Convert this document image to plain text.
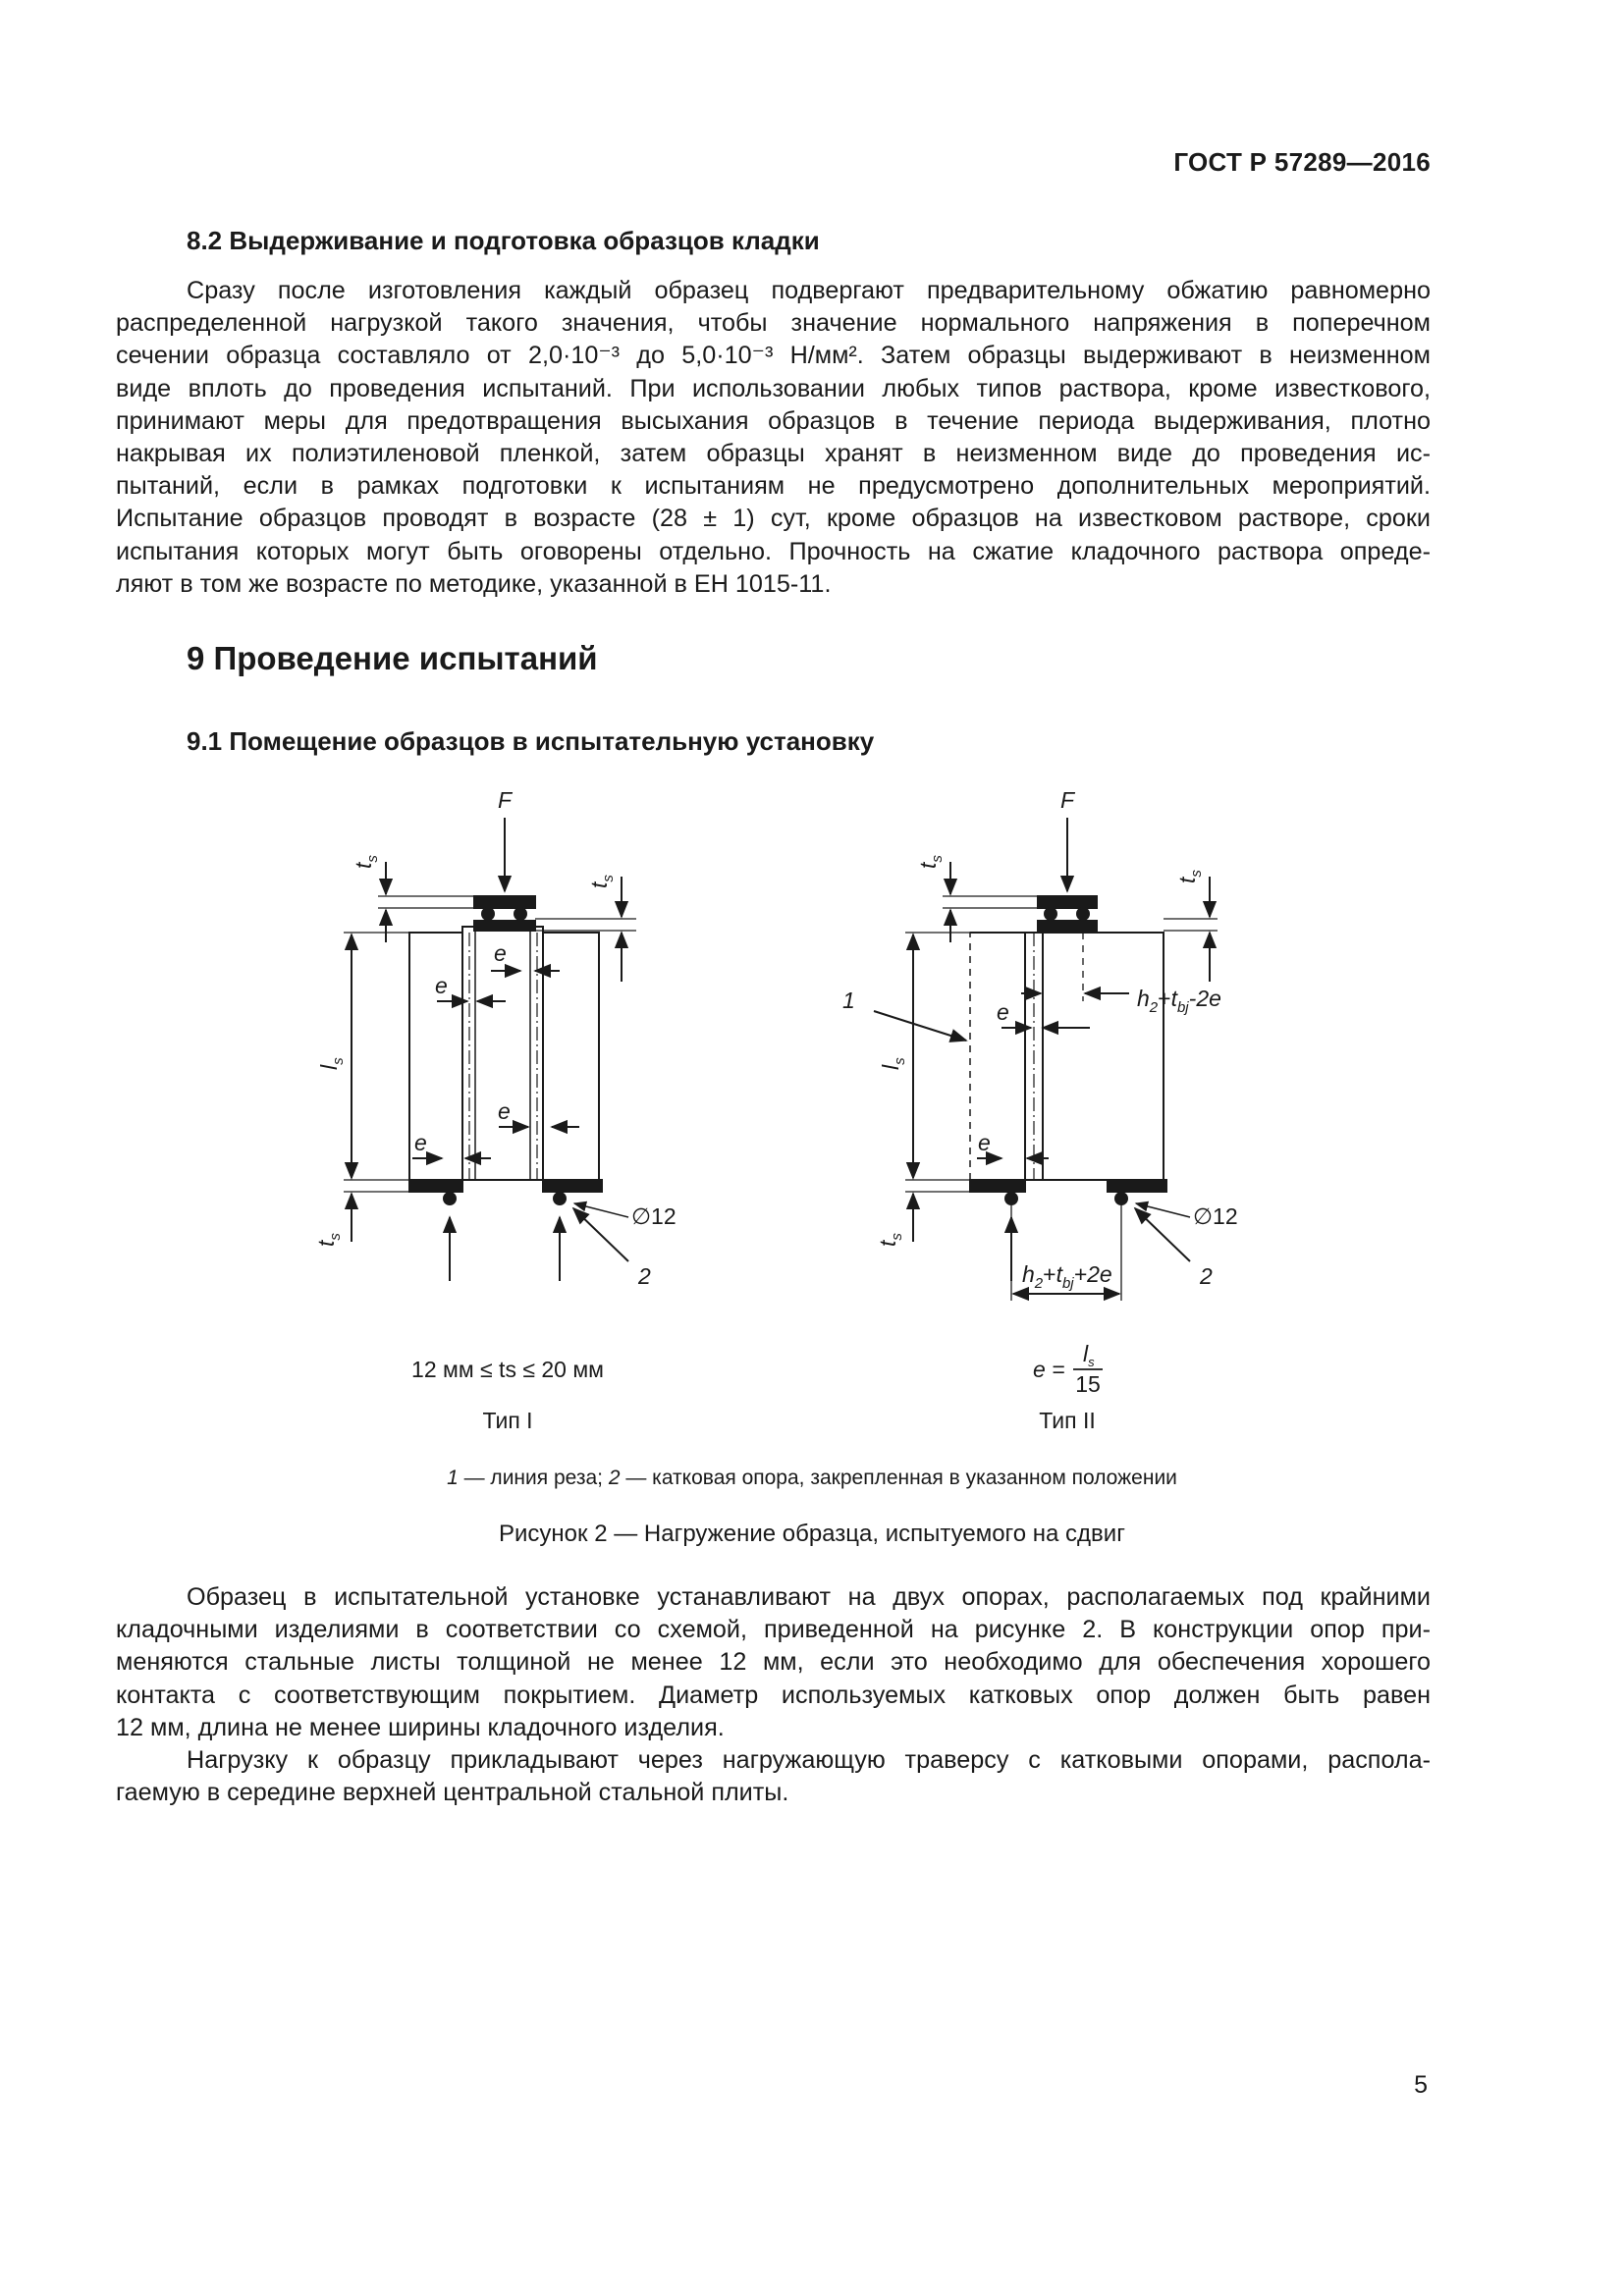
ГОСТ Р 57289—2016
8.2 Выдерживание и подготовка образцов кладки
Сразу после изготовления каждый образец подвергают предварительному обжатию равномерно
распределенной нагрузкой такого значения, чтобы значение нормального напряжения в поперечном
сечении образца составляло от 2,0·10⁻³ до 5,0·10⁻³ Н/мм². Затем образцы выдерживают в неизменном
виде вплоть до проведения испытаний. При использовании любых типов раствора, кроме известкового,
принимают меры для предотвращения высыхания образцов в течение периода выдерживания, плотно
накрывая их полиэтиленовой пленкой, затем образцы хранят в неизменном виде до проведения ис-
пытаний, если в рамках подготовки к испытаниям не предусмотрено дополнительных мероприятий.
Испытание образцов проводят в возрасте (28 ± 1) сут, кроме образцов на известковом растворе, сроки
испытания которых могут быть оговорены отдельно. Прочность на сжатие кладочного раствора опреде-
ляют в том же возрасте по методике, указанной в ЕН 1015-11.
9 Проведение испытаний
9.1 Помещение образцов в испытательную установку
F
$t_s$
$t_s$
$l_s$
$t_s$
e
e
e
e
∅12
2
F
$t_s$
$t_s$
$l_s$
$t_s$
1	e
e
$h_2+t_{bj}-2e$
$h_2+t_{bj}+2e$
∅12
2
12 мм ≤ ts ≤ 20 мм
Тип I
e =
$l_s$
15
Тип II
1 — линия реза; 2 — катковая опора, закрепленная в указанном положении
Рисунок 2 — Нагружение образца, испытуемого на сдвиг
Образец в испытательной установке устанавливают на двух опорах, располагаемых под крайними
кладочными изделиями в соответствии со схемой, приведенной на рисунке 2. В конструкции опор при-
меняются стальные листы толщиной не менее 12 мм, если это необходимо для обеспечения хорошего
контакта с соответствующим покрытием. Диаметр используемых катковых опор должен быть равен
12 мм, длина не менее ширины кладочного изделия.
Нагрузку к образцу прикладывают через нагружающую траверсу с катковыми опорами, распола-
гаемую в середине верхней центральной стальной плиты.
5
